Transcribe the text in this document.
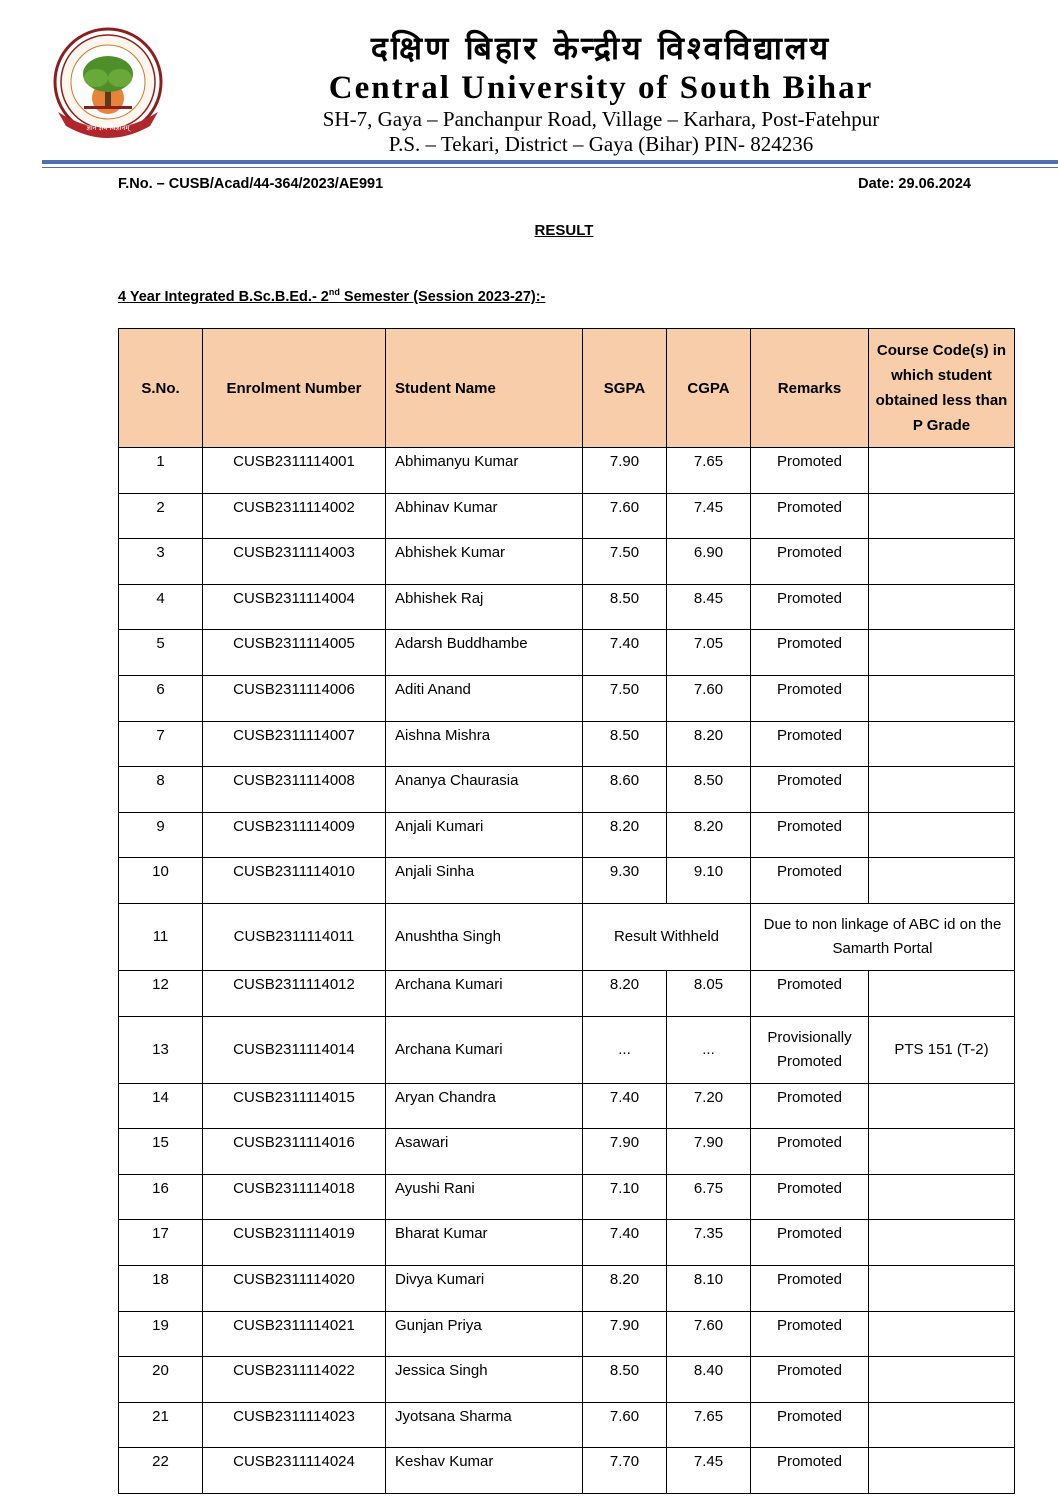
ज्ञान ज्ञेय विज्ञानम्
दक्षिण बिहार केन्द्रीय विश्वविद्यालय
Central University of South Bihar
SH-7, Gaya – Panchanpur Road, Village – Karhara, Post-Fatehpur
P.S. – Tekari, District – Gaya (Bihar) PIN- 824236
F.No. – CUSB/Acad/44-364/2023/AE991	Date: 29.06.2024
RESULT
4 Year Integrated B.Sc.B.Ed.- 2nd Semester (Session 2023-27):-
S.No.	Enrolment Number	Student Name	SGPA	CGPA	Remarks	Course Code(s) in which student obtained less than P Grade
1	CUSB2311114001	Abhimanyu Kumar	7.90	7.65	Promoted	
2	CUSB2311114002	Abhinav Kumar	7.60	7.45	Promoted	
3	CUSB2311114003	Abhishek Kumar	7.50	6.90	Promoted	
4	CUSB2311114004	Abhishek Raj	8.50	8.45	Promoted	
5	CUSB2311114005	Adarsh Buddhambe	7.40	7.05	Promoted	
6	CUSB2311114006	Aditi Anand	7.50	7.60	Promoted	
7	CUSB2311114007	Aishna Mishra	8.50	8.20	Promoted	
8	CUSB2311114008	Ananya Chaurasia	8.60	8.50	Promoted	
9	CUSB2311114009	Anjali Kumari	8.20	8.20	Promoted	
10	CUSB2311114010	Anjali Sinha	9.30	9.10	Promoted	
11	CUSB2311114011	Anushtha Singh	Result Withheld		Due to non linkage of ABC id on the Samarth Portal	
12	CUSB2311114012	Archana Kumari	8.20	8.05	Promoted	
13	CUSB2311114014	Archana Kumari	...	...	Provisionally Promoted	PTS 151 (T-2)
14	CUSB2311114015	Aryan Chandra	7.40	7.20	Promoted	
15	CUSB2311114016	Asawari	7.90	7.90	Promoted	
16	CUSB2311114018	Ayushi Rani	7.10	6.75	Promoted	
17	CUSB2311114019	Bharat Kumar	7.40	7.35	Promoted	
18	CUSB2311114020	Divya Kumari	8.20	8.10	Promoted	
19	CUSB2311114021	Gunjan Priya	7.90	7.60	Promoted	
20	CUSB2311114022	Jessica Singh	8.50	8.40	Promoted	
21	CUSB2311114023	Jyotsana Sharma	7.60	7.65	Promoted	
22	CUSB2311114024	Keshav Kumar	7.70	7.45	Promoted	
